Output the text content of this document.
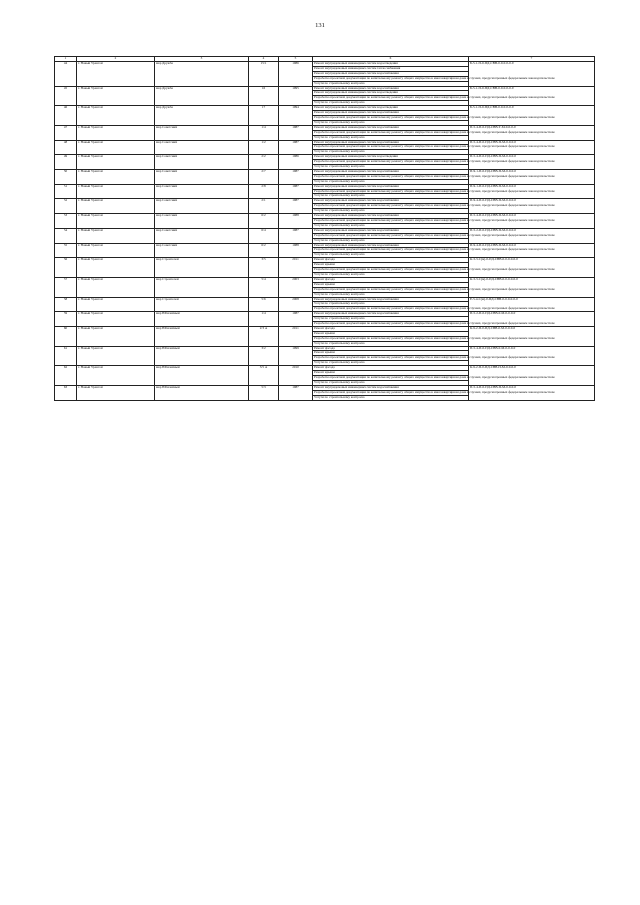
131
1	2	3	4	5	6	7
44	г. Новый Уренгой	мкр Дружба	15/1	1986	Ремонт внутридомовых инженерных систем водоотведения	Б-5-1-П-0-ПД-СВВ-0-0-0-0-0-0
					Ремонт внутридомовых инженерных систем теплоснабжения	
					Ремонт внутридомовых инженерных систем водоснабжения	
					Разработка проектной документации по капитальному ремонту общего имущества в многоквартирном доме в случаях, предусмотренных федеральным законодательством	
					Услуги по строительному контролю	
45	г. Новый Уренгой	мкр Дружба	16	1995	Ремонт внутридомовых инженерных систем водоснабжения	Б-5-1-П-0-ПД-СВВ-0-0-0-0-0-0
					Ремонт внутридомовых инженерных систем водоотведения	
					Разработка проектной документации по капитальному ремонту общего имущества в многоквартирном доме в случаях, предусмотренных федеральным законодательством	
					Услуги по строительному контролю	
46	г. Новый Уренгой	мкр Дружба	17	1994	Ремонт внутридомовых инженерных систем водоотведения	Б-5-1-П-0-ПД-СВВ-0-0-0-0-0-0
					Ремонт внутридомовых инженерных систем водоснабжения	
					Разработка проектной документации по капитальному ремонту общего имущества в многоквартирном доме в случаях, предусмотренных федеральным законодательством	
					Услуги по строительному контролю	
47	г. Новый Уренгой	мкр Советский	1/4	1987	Ремонт внутридомовых инженерных систем водоснабжения	П-5-4-П-0-ПД-СВВ-Т-М-0-0-0-0
					Разработка проектной документации по капитальному ремонту общего имущества в многоквартирном доме в случаях, предусмотренных федеральным законодательством	
					Услуги по строительному контролю	
48	г. Новый Уренгой	мкр Советский	1/2	1987	Ремонт внутридомовых инженерных систем водоснабжения	П-5-4-П-0-ПД-СВВ-П-М-0-0-0-0
					Разработка проектной документации по капитальному ремонту общего имущества в многоквартирном доме в случаях, предусмотренных федеральным законодательством	
					Услуги по строительному контролю	
49	г. Новый Уренгой	мкр Советский	2/2	1986	Ремонт внутридомовых инженерных систем водоотведения	П-5-4-П-0-ПД-СВВ-П-М-0-0-0-0
					Разработка проектной документации по капитальному ремонту общего имущества в многоквартирном доме в случаях, предусмотренных федеральным законодательством	
					Услуги по строительному контролю	
50	г. Новый Уренгой	мкр Советский	2/7	1987	Ремонт внутридомовых инженерных систем водоснабжения	П-9-1-П-0-ПД-СВВ-П-М-0-0-0-0
					Разработка проектной документации по капитальному ремонту общего имущества в многоквартирном доме в случаях, предусмотренных федеральным законодательством	
					Услуги по строительному контролю	
51	г. Новый Уренгой	мкр Советский	2/8	1987	Ремонт внутридомовых инженерных систем водоснабжения	П-9-1-П-0-ПД-СВВ-П-М-0-0-0-0
					Разработка проектной документации по капитальному ремонту общего имущества в многоквартирном доме в случаях, предусмотренных федеральным законодательством	
					Услуги по строительному контролю	
52	г. Новый Уренгой	мкр Советский	2/1	1987	Ремонт внутридомовых инженерных систем водоснабжения	П-9-4-П-0-ПД-СВВ-П-М-0-0-0-0
					Разработка проектной документации по капитальному ремонту общего имущества в многоквартирном доме в случаях, предусмотренных федеральным законодательством	
					Услуги по строительному контролю	
53	г. Новый Уренгой	мкр Советский	6/2	1988	Ремонт внутридомовых инженерных систем водоснабжения	П-5-4-П-0-ПД-СВВ-П-М-0-0-0-0
					Разработка проектной документации по капитальному ремонту общего имущества в многоквартирном доме в случаях, предусмотренных федеральным законодательством	
					Услуги по строительному контролю	
54	г. Новый Уренгой	мкр Советский	6/4	1987	Ремонт внутридомовых инженерных систем водоснабжения	П-5-2-П-0-ПД-СВВ-П-М-0-0-0-0
					Разработка проектной документации по капитальному ремонту общего имущества в многоквартирном доме в случаях, предусмотренных федеральным законодательством	
					Услуги по строительному контролю	
55	г. Новый Уренгой	мкр Советский	6/2	1988	Ремонт внутридомовых инженерных систем водоснабжения	П-9-4-П-0-ПД-СВВ-П-М-0-0-0-0
					Разработка проектной документации по капитальному ремонту общего имущества в многоквартирном доме в случаях, предусмотренных федеральным законодательством	
					Услуги по строительному контролю	
56	г. Новый Уренгой	мкр Строителей	3/5	2011	Ремонт фасада	К-3-3-С(м)-0-ПД-СВВ-0-0-0-0-0-0
					Ремонт крыши	
					Разработка проектной документации по капитальному ремонту общего имущества в многоквартирном доме в случаях, предусмотренных федеральным законодательством	
					Услуги по строительному контролю	
57	г. Новый Уренгой	мкр Строителей	5/4	2003	Ремонт фасада	К-3-3-С(м)-0-ПД-СВВ-0-0-0-0-0-0
					Ремонт крыши	
					Разработка проектной документации по капитальному ремонту общего имущества в многоквартирном доме в случаях, предусмотренных федеральным законодательством	
					Услуги по строительному контролю	
58	г. Новый Уренгой	мкр Строителей	5/6	2008	Ремонт внутридомовых инженерных систем водоснабжения	Е-5-4-С(м)-0-ПД-СВВ-0-0-0-0-0-0
					Услуги по строительному контролю	
					Разработка проектной документации по капитальному ремонту общего имущества в многоквартирном доме в случаях, предусмотренных федеральным законодательством	
59	г. Новый Уренгой	мкр Юбилейный	1/4	1987	Ремонт внутридомовых инженерных систем водоснабжения	П-5-2-П-0-ПД-СВВ-0-М-0-0-0-0
					Услуги по строительному контролю	
					Разработка проектной документации по капитальному ремонту общего имущества в многоквартирном доме в случаях, предусмотренных федеральным законодательством	
60	г. Новый Уренгой	мкр Юбилейный	2/3 А	2011	Ремонт фасада	К-9-2-П-0-ПД-СВВ-0-М-0-0-0-0
					Ремонт крыши	
					Разработка проектной документации по капитальному ремонту общего имущества в многоквартирном доме в случаях, предусмотренных федеральным законодательством	
					Услуги по строительному контролю	
61	г. Новый Уренгой	мкр Юбилейный	3/2	1999	Ремонт фасада	П-5-4-П-0-ПД-СВВ-0-М-0-0-0-0
					Ремонт крыши	
					Разработка проектной документации по капитальному ремонту общего имущества в многоквартирном доме в случаях, предусмотренных федеральным законодательством	
					Услуги по строительному контролю	
62	г. Новый Уренгой	мкр Юбилейный	3/5 А	2010	Ремонт фасада	К-9-2-П-0-ПД-СВВ-П-М-0-0-0-0
					Ремонт крыши	
					Разработка проектной документации по капитальному ремонту общего имущества в многоквартирном доме в случаях, предусмотренных федеральным законодательством	
					Услуги по строительному контролю	
63	г. Новый Уренгой	мкр Юбилейный	5/3	1987	Ремонт внутридомовых инженерных систем водоснабжения	П-5-4-П-0-ПД-СВВ-П-М-0-0-0-0
					Разработка проектной документации по капитальному ремонту общего имущества в многоквартирном доме в случаях, предусмотренных федеральным законодательством	
					Услуги по строительному контролю	
